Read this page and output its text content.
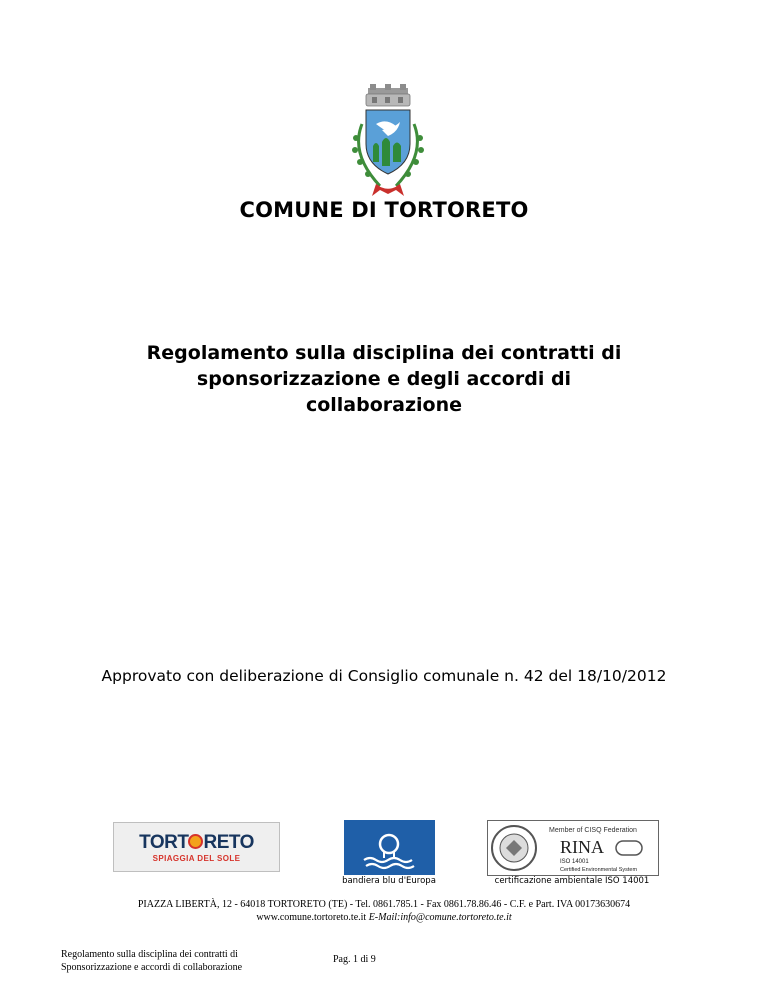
COMUNE DI TORTORETO
Regolamento sulla disciplina dei contratti di
sponsorizzazione e degli accordi di
collaborazione
Approvato con deliberazione di Consiglio comunale n. 42 del 18/10/2012
TORT RETO
SPIAGGIA DEL SOLE
bandiera blu d'Europa
Member of CISQ Federation
RINA
ISO 14001
Certified Environmental System
certificazione ambientale ISO 14001
PIAZZA LIBERTÀ, 12 - 64018 TORTORETO (TE) - Tel. 0861.785.1 - Fax 0861.78.86.46 - C.F. e Part. IVA 00173630674
www.comune.tortoreto.te.it E-Mail:info@comune.tortoreto.te.it
Regolamento sulla disciplina dei contratti di
Sponsorizzazione e accordi di collaborazione
Pag. 1 di 9
